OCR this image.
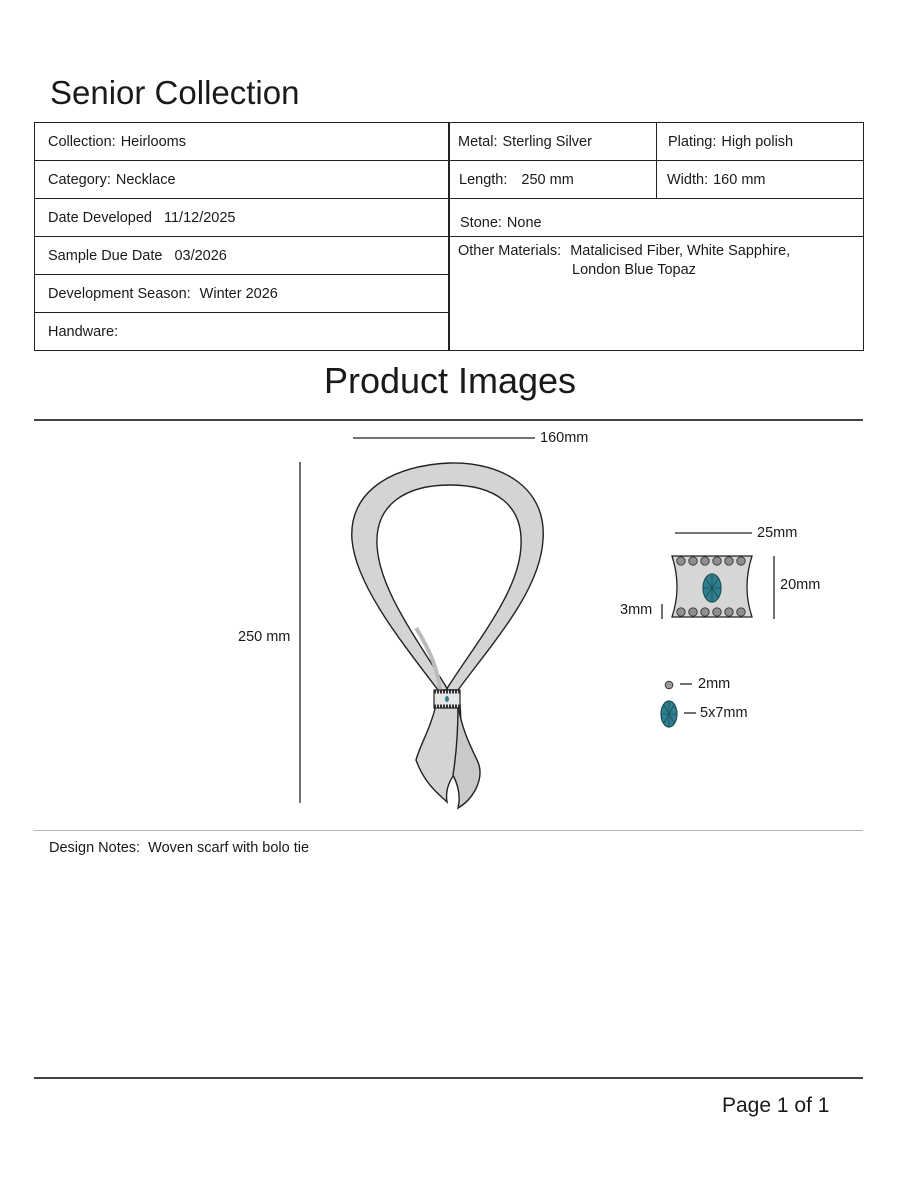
Senior Collection
Collection: Heirlooms
Category: Necklace
Date Developed 11/12/2025
Sample Due Date 03/2026
Development Season: Winter 2026
Handware:
Metal: Sterling Silver	Plating: High polish
Length: 250 mm	Width: 160 mm
Stone: None
Other Materials: Matalicised Fiber, White Sapphire,
London Blue Topaz
Product Images
160mm
250 mm
25mm
20mm
3mm
2mm
5x7mm
Design Notes: Woven scarf with bolo tie
Page 1 of 1
